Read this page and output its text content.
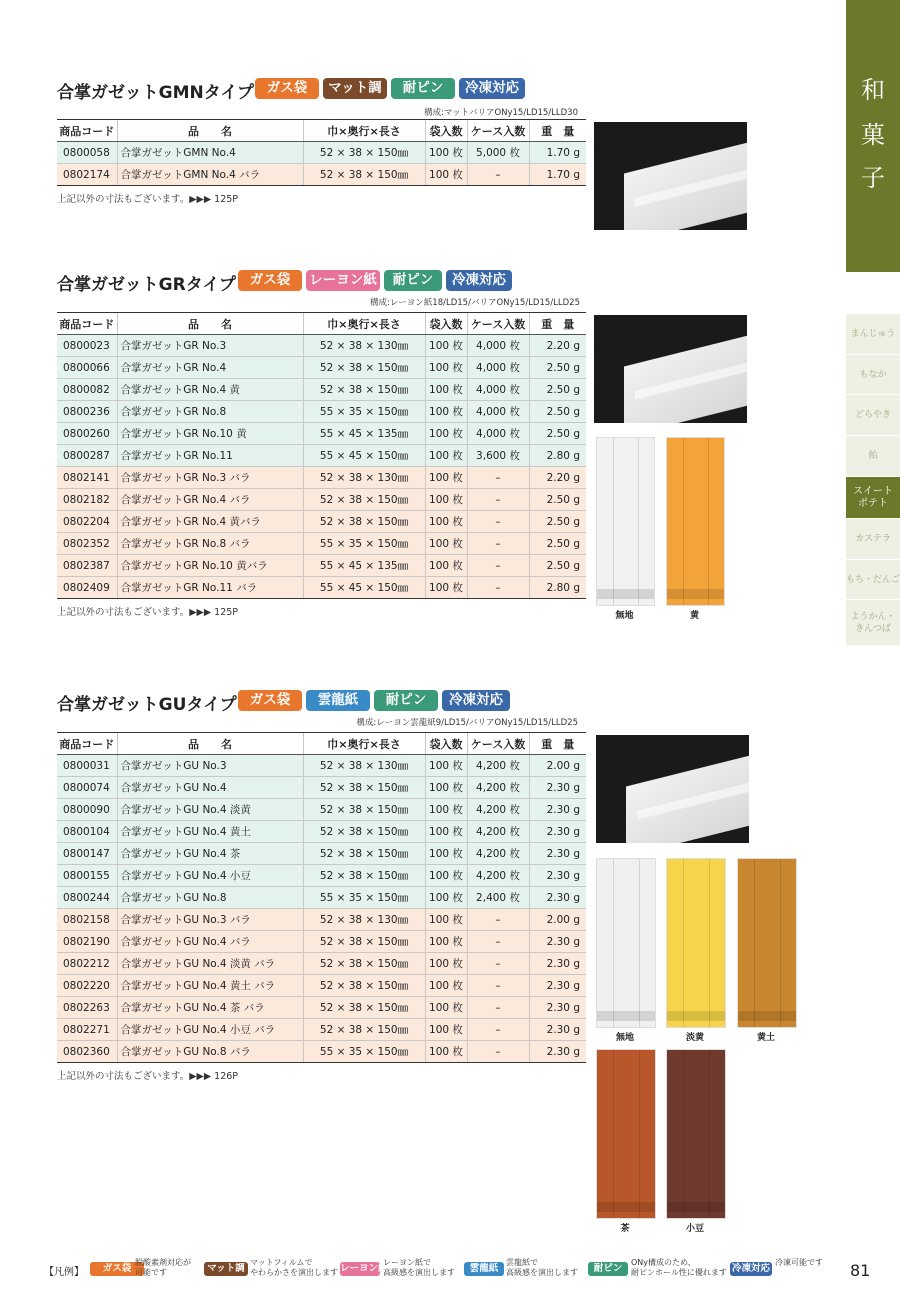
和
菓
子
まんじゅう
もなか
どらやき
飴
スイート
ポテト
カステラ
もち・だんご
ようかん・
きんつば
合掌ガゼットGMNタイプ ガス袋	マット調	耐ピン	冷凍対応
構成:マットバリアONy15/LD15/LLD30
商品コード	品　　名	巾×奥行×長さ	袋入数	ケース入数	重　量
0800058	合掌ガゼットGMN No.4	52 × 38 × 150㎜	100 枚	5,000 枚	1.70 g
0802174	合掌ガゼットGMN No.4 バラ	52 × 38 × 150㎜	100 枚	–	1.70 g
上記以外の寸法もございます。▶▶▶ 125P
合掌ガゼットGRタイプ	ガス袋	レーヨン紙	耐ピン	冷凍対応
構成:レーヨン紙18/LD15/バリアONy15/LD15/LLD25
商品コード	品　　名	巾×奥行×長さ	袋入数	ケース入数	重　量
0800023	合掌ガゼットGR No.3	52 × 38 × 130㎜	100 枚	4,000 枚	2.20 g
0800066	合掌ガゼットGR No.4	52 × 38 × 150㎜	100 枚	4,000 枚	2.50 g
0800082	合掌ガゼットGR No.4 黄	52 × 38 × 150㎜	100 枚	4,000 枚	2.50 g
0800236	合掌ガゼットGR No.8	55 × 35 × 150㎜	100 枚	4,000 枚	2.50 g
0800260	合掌ガゼットGR No.10 黄	55 × 45 × 135㎜	100 枚	4,000 枚	2.50 g
0800287	合掌ガゼットGR No.11	55 × 45 × 150㎜	100 枚	3,600 枚	2.80 g
0802141	合掌ガゼットGR No.3 バラ	52 × 38 × 130㎜	100 枚	–	2.20 g
0802182	合掌ガゼットGR No.4 バラ	52 × 38 × 150㎜	100 枚	–	2.50 g
0802204	合掌ガゼットGR No.4 黄バラ	52 × 38 × 150㎜	100 枚	–	2.50 g
0802352	合掌ガゼットGR No.8 バラ	55 × 35 × 150㎜	100 枚	–	2.50 g
0802387	合掌ガゼットGR No.10 黄バラ	55 × 45 × 135㎜	100 枚	–	2.50 g
0802409	合掌ガゼットGR No.11 バラ	55 × 45 × 150㎜	100 枚	–	2.80 g
上記以外の寸法もございます。▶▶▶ 125P	無地	黄
合掌ガゼットGUタイプ ガス袋	雲龍紙	耐ピン	冷凍対応
構成:レーヨン雲龍紙9/LD15/バリアONy15/LD15/LLD25
商品コード	品　　名	巾×奥行×長さ	袋入数	ケース入数	重　量
0800031	合掌ガゼットGU No.3	52 × 38 × 130㎜	100 枚	4,200 枚	2.00 g
0800074	合掌ガゼットGU No.4	52 × 38 × 150㎜	100 枚	4,200 枚	2.30 g
0800090	合掌ガゼットGU No.4 淡黄	52 × 38 × 150㎜	100 枚	4,200 枚	2.30 g
0800104	合掌ガゼットGU No.4 黄土	52 × 38 × 150㎜	100 枚	4,200 枚	2.30 g
0800147	合掌ガゼットGU No.4 茶	52 × 38 × 150㎜	100 枚	4,200 枚	2.30 g
0800155	合掌ガゼットGU No.4 小豆	52 × 38 × 150㎜	100 枚	4,200 枚	2.30 g
0800244	合掌ガゼットGU No.8	55 × 35 × 150㎜	100 枚	2,400 枚	2.30 g
0802158	合掌ガゼットGU No.3 バラ	52 × 38 × 130㎜	100 枚	–	2.00 g
0802190	合掌ガゼットGU No.4 バラ	52 × 38 × 150㎜	100 枚	–	2.30 g
0802212	合掌ガゼットGU No.4 淡黄 バラ	52 × 38 × 150㎜	100 枚	–	2.30 g
0802220	合掌ガゼットGU No.4 黄土 バラ	52 × 38 × 150㎜	100 枚	–	2.30 g
0802263	合掌ガゼットGU No.4 茶 バラ	52 × 38 × 150㎜	100 枚	–	2.30 g
0802271	合掌ガゼットGU No.4 小豆 バラ	52 × 38 × 150㎜	100 枚	–	2.30 g
0802360	合掌ガゼットGU No.8 バラ	55 × 35 × 150㎜	100 枚	–	2.30 g
上記以外の寸法もございます。▶▶▶ 126P
無地	淡黄	黄土
茶	小豆
【凡例】	ガス袋
脱酸素剤対応が
可能です	マット調
マットフィルムで
やわらかさを演出します レーヨン紙
レーヨン紙で
高級感を演出します	雲龍紙
雲龍紙で
高級感を演出します	耐ピン
ONy構成のため、
耐ピンホール性に優れます 冷凍対応
冷凍可能です 81
